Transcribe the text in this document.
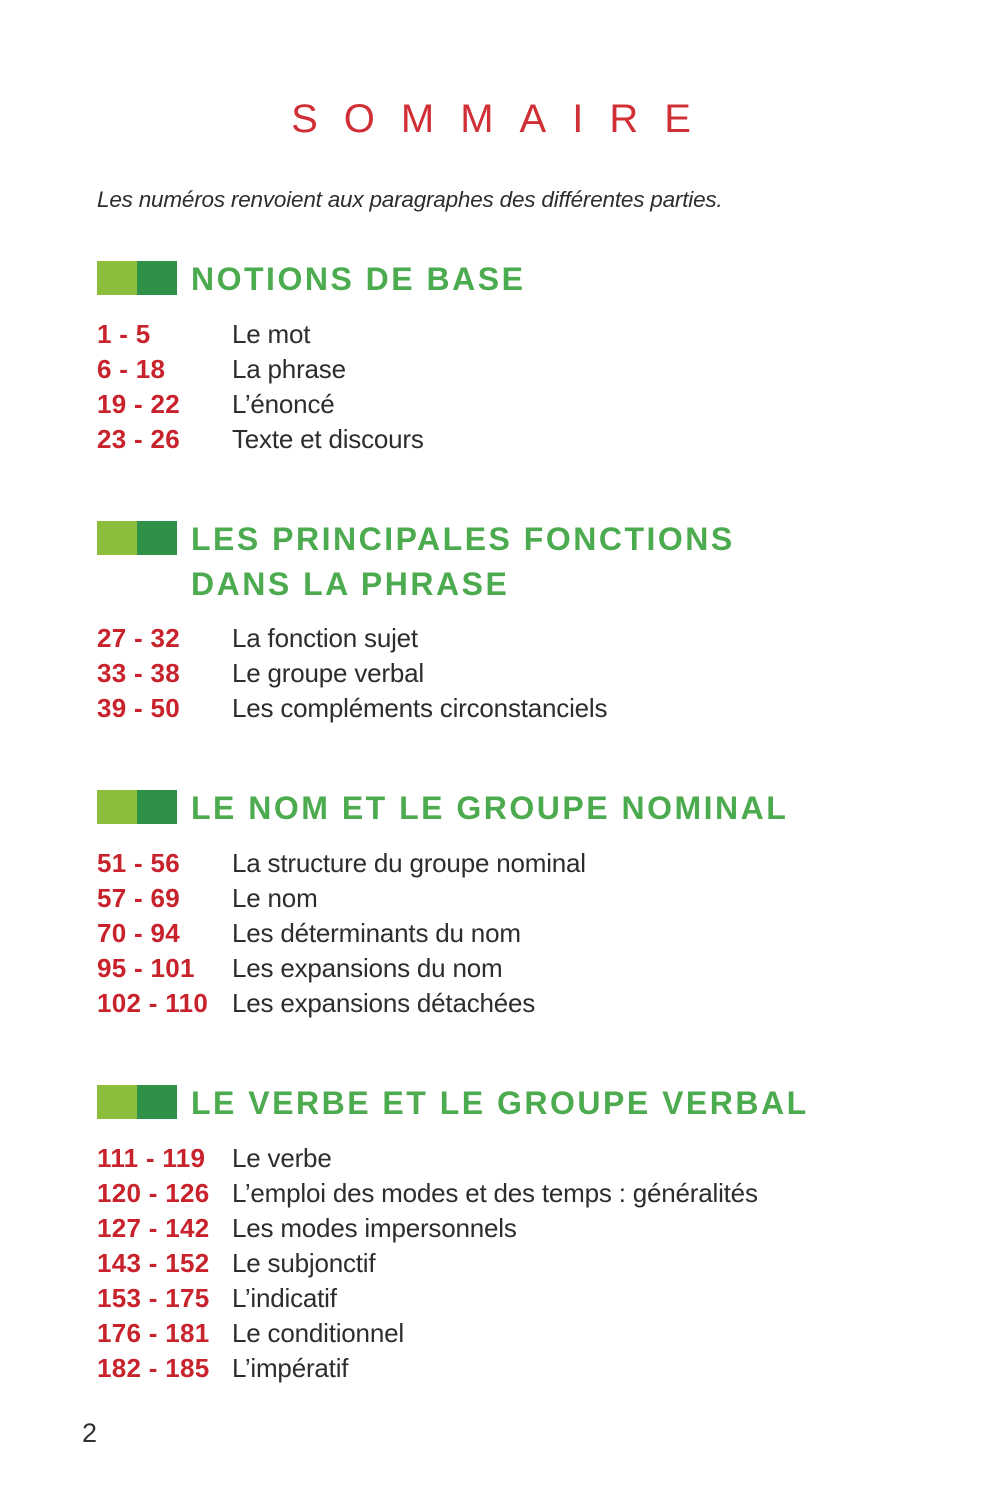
SOMMAIRE

Les numéros renvoient aux paragraphes des différentes parties.

NOTIONS DE BASE
1 - 5	Le mot
6 - 18	La phrase
19 - 22	L’énoncé
23 - 26	Texte et discours
LES PRINCIPALES FONCTIONS
DANS LA PHRASE
27 - 32	La fonction sujet
33 - 38	Le groupe verbal
39 - 50	Les compléments circonstanciels
LE NOM ET LE GROUPE NOMINAL
51 - 56	La structure du groupe nominal
57 - 69	Le nom
70 - 94	Les déterminants du nom
95 - 101	Les expansions du nom
102 - 110 Les expansions détachées
LE VERBE ET LE GROUPE VERBAL
111 - 119	Le verbe
120 - 126 L’emploi des modes et des temps : généralités
127 - 142 Les modes impersonnels
143 - 152 Le subjonctif
153 - 175 L’indicatif
176 - 181 Le conditionnel
182 - 185 L’impératif
2
